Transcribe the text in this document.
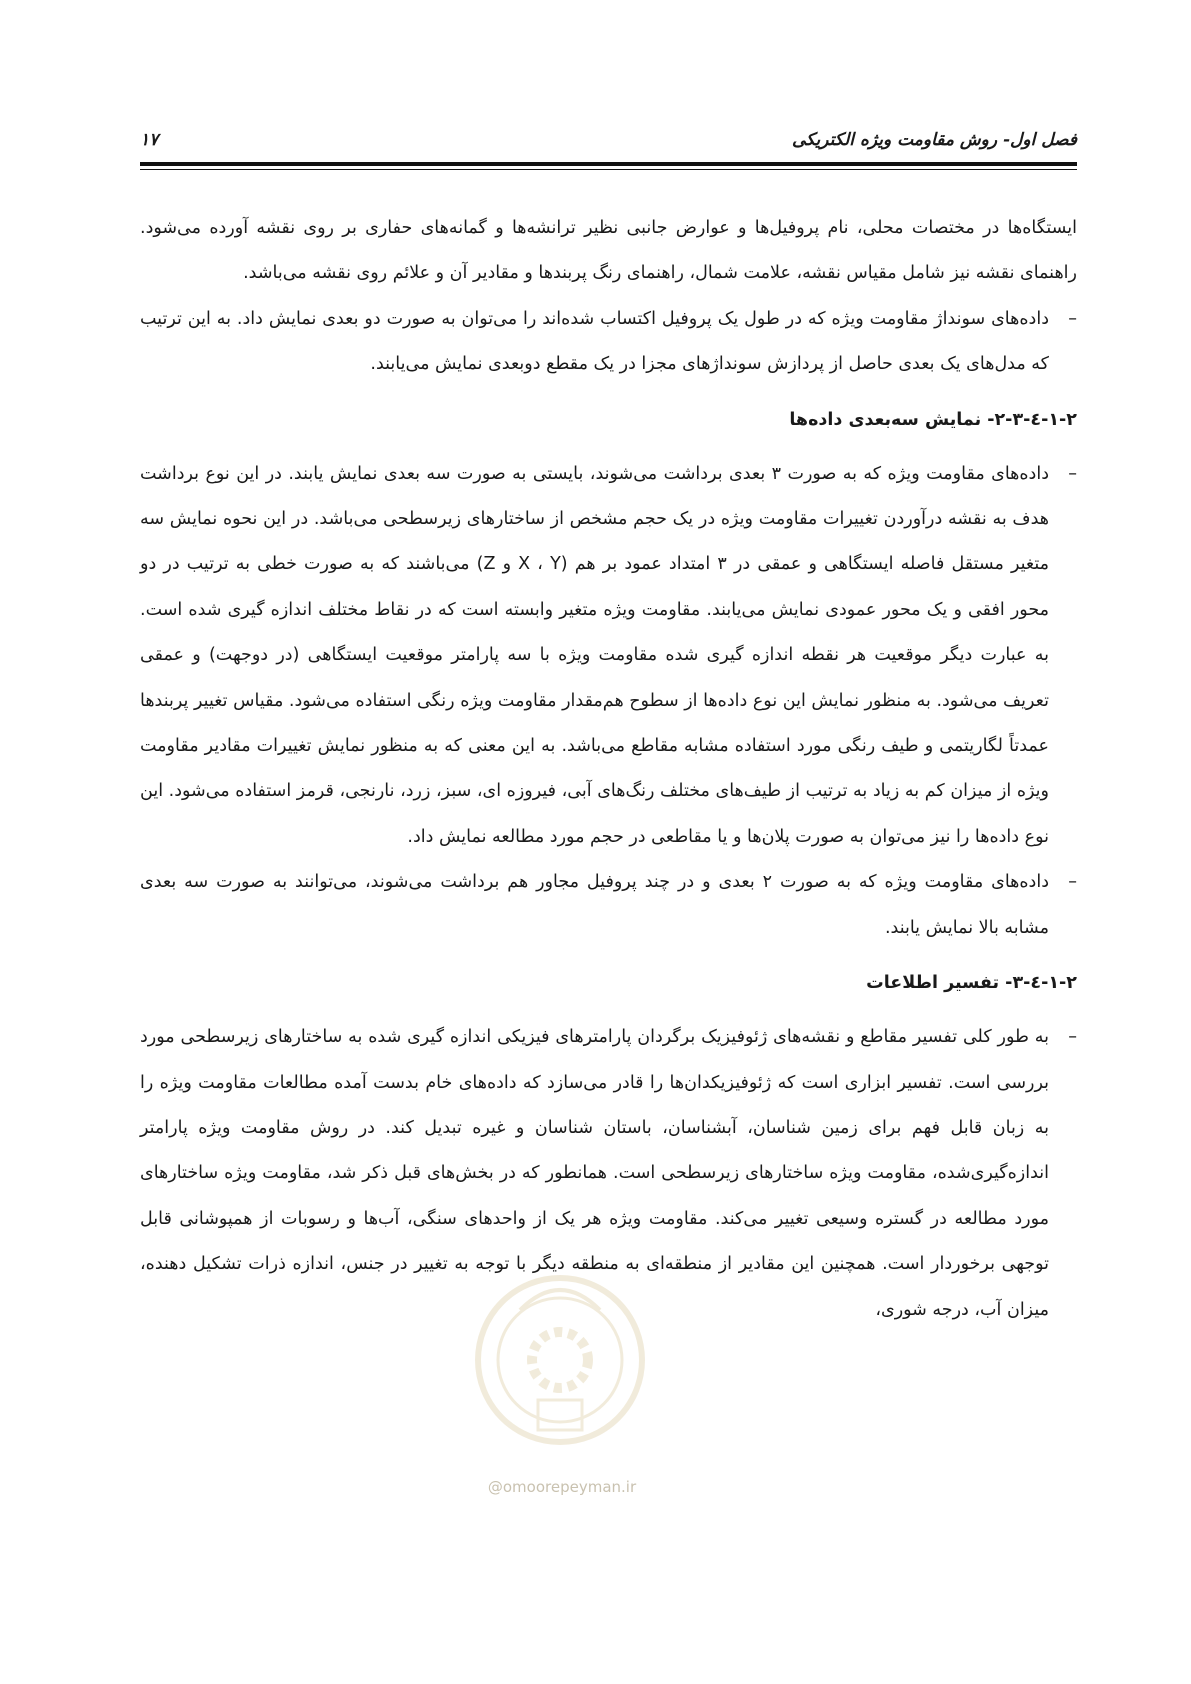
فصل اول- روش مقاومت ویژه الکتریکی
۱۷

ایستگاه‌ها در مختصات محلی، نام پروفیل‌ها و عوارض جانبی نظیر ترانشه‌ها و گمانه‌های حفاری بر روی نقشه آورده می‌شود. راهنمای نقشه نیز شامل مقیاس نقشه، علامت شمال، راهنمای رنگ پربندها و مقادیر آن و علائم روی نقشه می‌باشد.

–
داده‌های سونداژ مقاومت ویژه که در طول یک پروفیل اکتساب شده‌اند را می‌توان به صورت دو بعدی نمایش داد. به این ترتیب که مدل‌های یک بعدی حاصل از پردازش سونداژهای مجزا در یک مقطع دوبعدی نمایش می‌یابند.
۱-۲-٤-۲-۳- نمایش سه‌بعدی داده‌ها
–
داده‌های مقاومت ویژه که به صورت ۳ بعدی برداشت می‌شوند، بایستی به صورت سه بعدی نمایش یابند. در این نوع برداشت هدف به نقشه درآوردن تغییرات مقاومت ویژه در یک حجم مشخص از ساختارهای زیرسطحی می‌باشد. در این نحوه نمایش سه متغیر مستقل فاصله ایستگاهی و عمقی در ۳ امتداد عمود بر هم (X ، Y و Z) می‌باشند که به صورت خطی به ترتیب در دو محور افقی و یک محور عمودی نمایش می‌یابند. مقاومت ویژه متغیر وابسته است که در نقاط مختلف اندازه گیری شده است. به عبارت دیگر موقعیت هر نقطه اندازه گیری شده مقاومت ویژه با سه پارامتر موقعیت ایستگاهی (در دوجهت) و عمقی تعریف می‌شود. به منظور نمایش این نوع داده‌ها از سطوح هم‌مقدار مقاومت ویژه رنگی استفاده می‌شود. مقیاس تغییر پربندها عمدتاً لگاریتمی و طیف رنگی مورد استفاده مشابه مقاطع می‌باشد. به این معنی که به منظور نمایش تغییرات مقادیر مقاومت ویژه از میزان کم به زیاد به ترتیب از طیف‌های مختلف رنگ‌های آبی، فیروزه ای، سبز، زرد، نارنجی، قرمز استفاده می‌شود. این نوع داده‌ها را نیز می‌توان به صورت پلان‌ها و یا مقاطعی در حجم مورد مطالعه نمایش داد.
–
داده‌های مقاومت ویژه که به صورت ۲ بعدی و در چند پروفیل مجاور هم برداشت می‌شوند، می‌توانند به صورت سه بعدی مشابه بالا نمایش یابند.
۱-۲-٤-۳- تفسیر اطلاعات
–
به طور کلی تفسیر مقاطع و نقشه‌های ژئوفیزیک برگردان پارامترهای فیزیکی اندازه گیری شده به ساختارهای زیرسطحی مورد بررسی است. تفسیر ابزاری است که ژئوفیزیکدان‌ها را قادر می‌سازد که داده‌های خام بدست آمده مطالعات مقاومت ویژه را به زبان قابل فهم برای زمین شناسان، آبشناسان، باستان شناسان و غیره تبدیل کند. در روش مقاومت ویژه پارامتر اندازه‌گیری‌شده، مقاومت ویژه ساختارهای زیرسطحی است. همانطور که در بخش‌های قبل ذکر شد، مقاومت ویژه ساختارهای مورد مطالعه در گستره وسیعی تغییر می‌کند. مقاومت ویژه هر یک از واحدهای سنگی، آب‌ها و رسوبات از همپوشانی قابل توجهی برخوردار است. همچنین این مقادیر از منطقه‌ای به منطقه دیگر با توجه به تغییر در جنس، اندازه ذرات تشکیل دهنده، میزان آب، درجه شوری،
@omoorepeyman.ir
